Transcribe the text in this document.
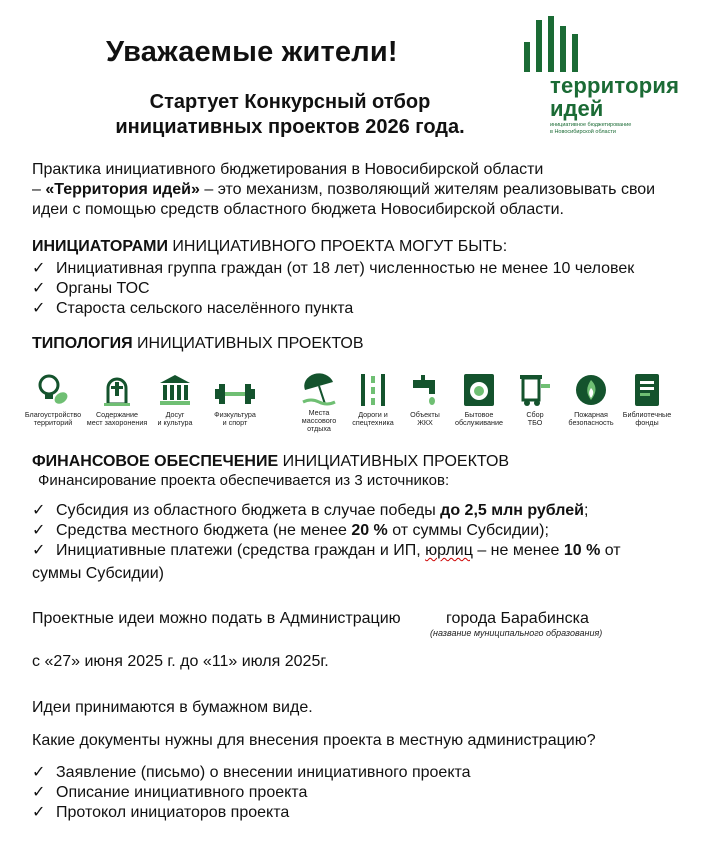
Уважаемые жители!
Стартует Конкурсный отбор
инициативных проектов 2026 года.
территория
идей
инициативное бюджетирование
в Новосибирской области
Практика инициативного бюджетирования в Новосибирской области
– «Территория идей» – это механизм, позволяющий жителям реализовывать свои
идеи с помощью средств областного бюджета Новосибирской области.
ИНИЦИАТОРАМИ ИНИЦИАТИВНОГО ПРОЕКТА МОГУТ БЫТЬ:
✓ Инициативная группа граждан (от 18 лет) численностью не менее 10 человек
✓ Органы ТОС
✓ Староста сельского населённого пункта
ТИПОЛОГИЯ ИНИЦИАТИВНЫХ ПРОЕКТОВ
Благоустройство
территорий
Содержание
мест захоронения
Досуг
и культура
Физкультура
и спорт
Места
массового
отдыха
Дороги и
спецтехника
Объекты
ЖКХ
Бытовое
обслуживание
Сбор
ТБО
Пожарная
безопасность
Библиотечные
фонды
ФИНАНСОВОЕ ОБЕСПЕЧЕНИЕ ИНИЦИАТИВНЫХ ПРОЕКТОВ
Финансирование проекта обеспечивается из 3 источников:
✓ Субсидия из областного бюджета в случае победы до 2,5 млн рублей;
✓ Средства местного бюджета (не менее 20 % от суммы Субсидии);
✓ Инициативные платежи (средства граждан и ИП, юрлиц – не менее 10 % от
суммы Субсидии)
Проектные идеи можно подать в Администрацию	города Барабинска
(название муниципального образования)
с «27» июня 2025 г. до «11» июля 2025г.
Идеи принимаются в бумажном виде.
Какие документы нужны для внесения проекта в местную администрацию?
✓ Заявление (письмо) о внесении инициативного проекта
✓ Описание инициативного проекта
✓ Протокол инициаторов проекта
